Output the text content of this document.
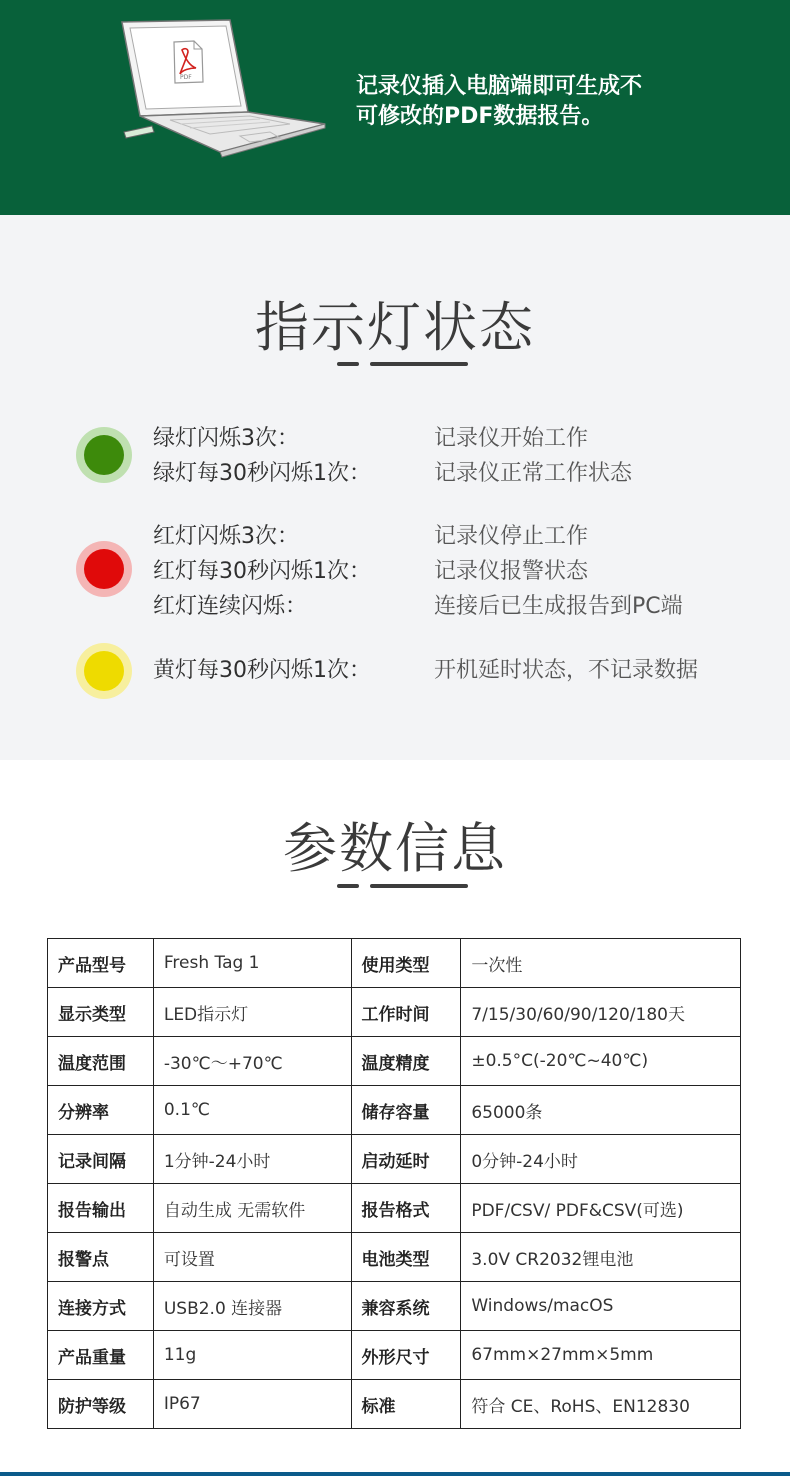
PDF	记录仪插入电脑端即可生成不
可修改的PDF数据报告。
指示灯状态
绿灯闪烁3次：	记录仪开始工作
绿灯每30秒闪烁1次：	记录仪正常工作状态
红灯闪烁3次：	记录仪停止工作
红灯每30秒闪烁1次：	记录仪报警状态
红灯连续闪烁：	连接后已生成报告到PC端
黄灯每30秒闪烁1次：	开机延时状态，不记录数据
参数信息
产品型号	Fresh Tag 1	使用类型	一次性
显示类型	LED指示灯	工作时间	7/15/30/60/90/120/180天
温度范围	-30℃～+70℃	温度精度	±0.5°C(-20℃~40℃)
分辨率	0.1℃	储存容量	65000条
记录间隔	1分钟-24小时	启动延时	0分钟-24小时
报告输出	自动生成 无需软件	报告格式	PDF/CSV/ PDF&CSV(可选)
报警点	可设置	电池类型	3.0V CR2032锂电池
连接方式	USB2.0 连接器	兼容系统	Windows/macOS
产品重量	11g	外形尺寸	67mm×27mm×5mm
防护等级	IP67	标准	符合 CE、RoHS、EN12830
